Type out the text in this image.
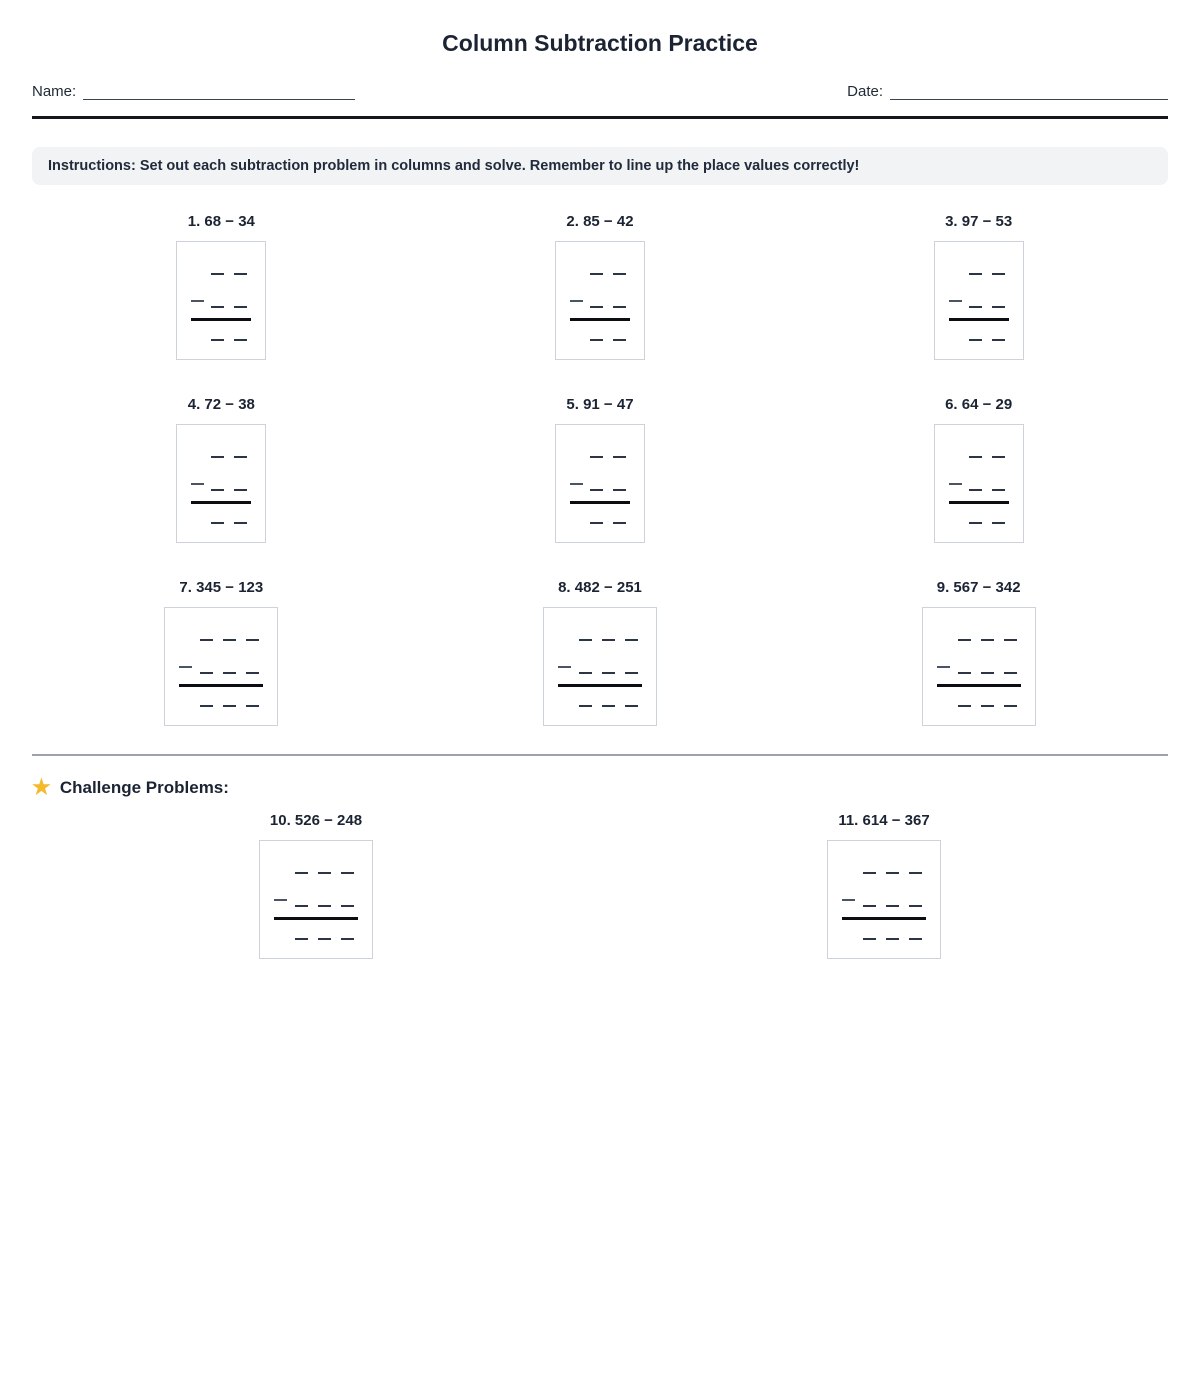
Column Subtraction Practice
Name:	Date:
Instructions: Set out each subtraction problem in columns and solve. Remember to line up the place values correctly!
1. 68 − 34	2. 85 − 42	3. 97 − 53
4. 72 − 38	5. 91 − 47	6. 64 − 29
7. 345 − 123	8. 482 − 251	9. 567 − 342
★ Challenge Problems:
10. 526 − 248	11. 614 − 367
